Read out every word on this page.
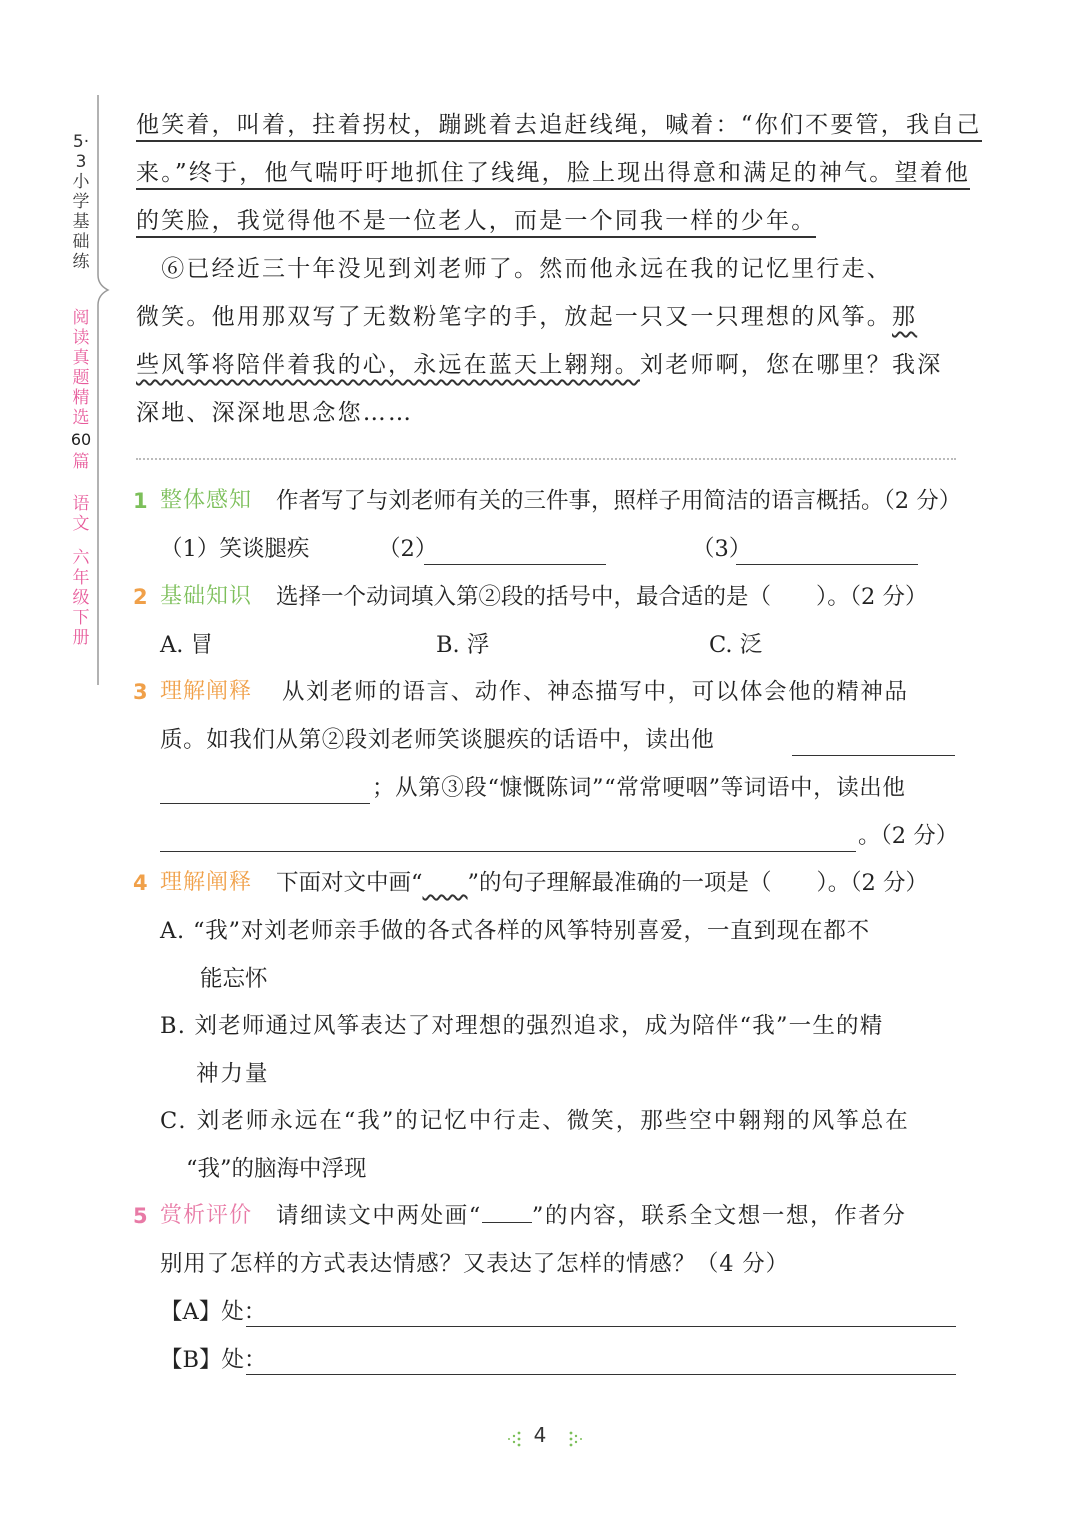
5·3小学基础练
阅读真题精选
60
篇
语文
六年级下册
他笑着，叫着，拄着拐杖，蹦跳着去追赶线绳，喊着：“你们不要管，我自己
来。”终于，他气喘吁吁地抓住了线绳，脸上现出得意和满足的神气。望着他
的笑脸，我觉得他不是一位老人，而是一个同我一样的少年。
　⑥已经近三十年没见到刘老师了。然而他永远在我的记忆里行走、
微笑。他用那双写了无数粉笔字的手，放起一只又一只理想的风筝。那
些风筝将陪伴着我的心，永远在蓝天上翱翔。刘老师啊，您在哪里？我深
深地、深深地思念您……
1 整体感知 作者写了与刘老师有关的三件事，照样子用简洁的语言概括。（2 分）
（1）笑谈腿疾	（2）	（3）
2 基础知识 选择一个动词填入第②段的括号中，最合适的是（　　）。（2 分）
A. 冒	B. 浮	C. 泛
3 理解阐释 从刘老师的语言、动作、神态描写中，可以体会他的精神品
质。如我们从第②段刘老师笑谈腿疾的话语中，读出他
；从第③段“慷慨陈词”“常常哽咽”等词语中，读出他
。（2 分）
4 理解阐释 下面对文中画“ ”的句子理解最准确的一项是（　　）。（2 分）
A. “我”对刘老师亲手做的各式各样的风筝特别喜爱，一直到现在都不
能忘怀
B. 刘老师通过风筝表达了对理想的强烈追求，成为陪伴“我”一生的精
神力量
C. 刘老师永远在“我”的记忆中行走、微笑，那些空中翱翔的风筝总在
“我”的脑海中浮现
5 赏析评价 请细读文中两处画“ ”的内容，联系全文想一想，作者分
别用了怎样的方式表达情感？又表达了怎样的情感？（4 分）
【A】处：
【B】处：
4
